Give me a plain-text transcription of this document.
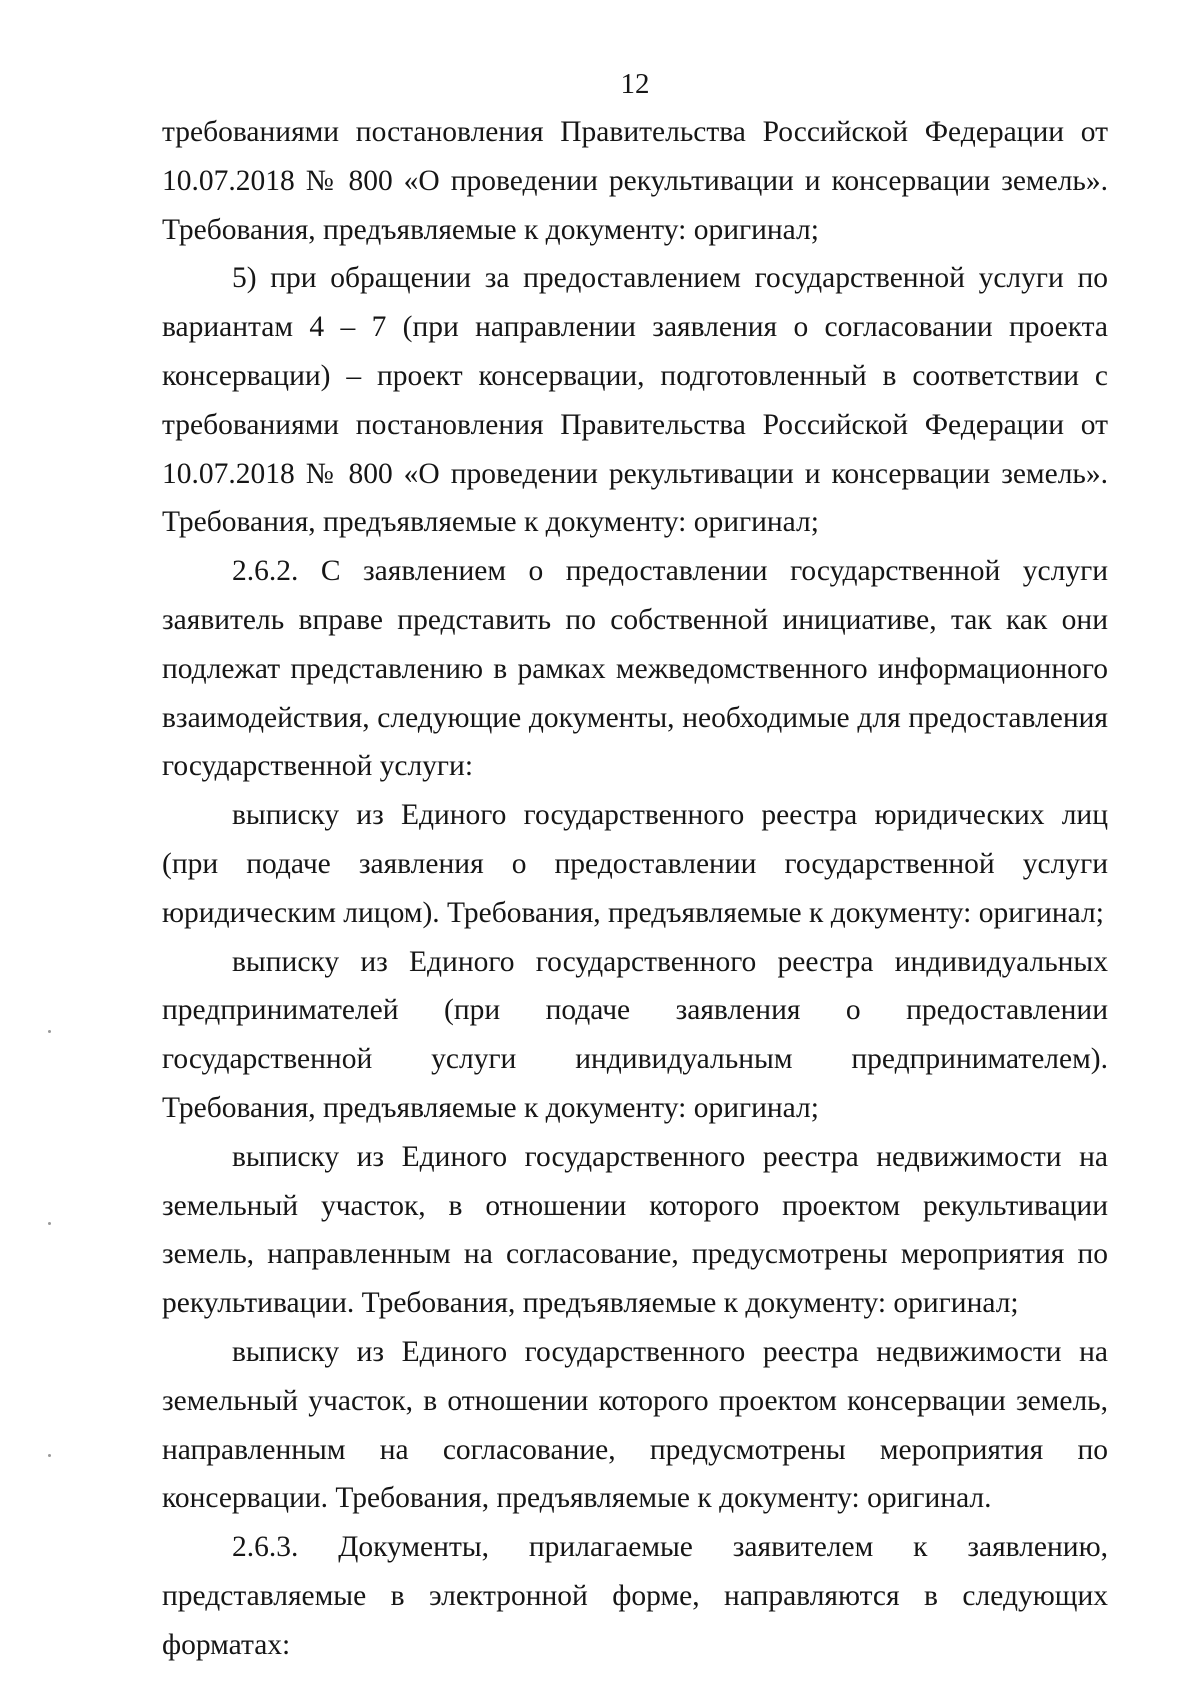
12

требованиями постановления Правительства Российской Федерации от 10.07.2018 № 800 «О проведении рекультивации и консервации земель». Требования, предъявляемые к документу: оригинал;

5) при обращении за предоставлением государственной услуги по вариантам 4 – 7 (при направлении заявления о согласовании проекта консервации) – проект консервации, подготовленный в соответствии с требованиями постановления Правительства Российской Федерации от 10.07.2018 № 800 «О проведении рекультивации и консервации земель». Требования, предъявляемые к документу: оригинал;

2.6.2. С заявлением о предоставлении государственной услуги заявитель вправе представить по собственной инициативе, так как они подлежат представлению в рамках межведомственного информационного взаимодействия, следующие документы, необходимые для предоставления государственной услуги:

выписку из Единого государственного реестра юридических лиц (при подаче заявления о предоставлении государственной услуги юридическим лицом). Требования, предъявляемые к документу: оригинал;

выписку из Единого государственного реестра индивидуальных предпринимателей (при подаче заявления о предоставлении государственной услуги индивидуальным предпринимателем). Требования, предъявляемые к документу: оригинал;

выписку из Единого государственного реестра недвижимости на земельный участок, в отношении которого проектом рекультивации земель, направленным на согласование, предусмотрены мероприятия по рекультивации. Требования, предъявляемые к документу: оригинал;

выписку из Единого государственного реестра недвижимости на земельный участок, в отношении которого проектом консервации земель, направленным на согласование, предусмотрены мероприятия по консервации. Требования, предъявляемые к документу: оригинал.

2.6.3. Документы, прилагаемые заявителем к заявлению, представляемые в электронной форме, направляются в следующих форматах:
